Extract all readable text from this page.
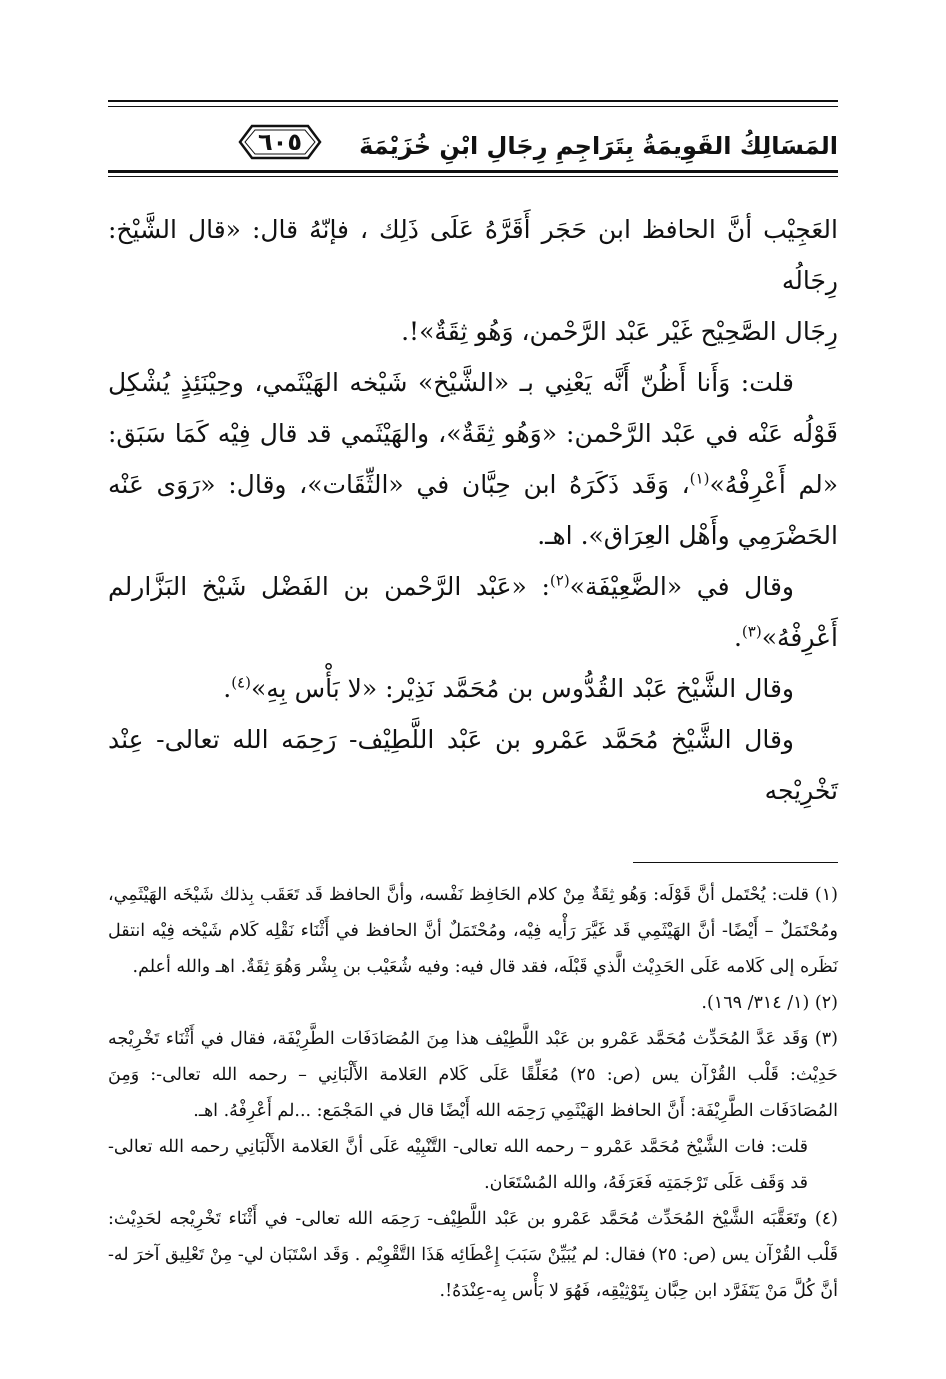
المَسَالِكُ القَوِيمَةُ بِتَرَاجِمِ رِجَالِ ابْنِ خُزَيْمَةَ
٦٠٥

العَجِيْب أنَّ الحافظ ابن حَجَر أَقَرَّهُ عَلَى ذَلِك ، فإنّهُ قال: «قال الشَّيْخ: رِجَالُه

رِجَال الصَّحِيْح غَيْر عَبْد الرَّحْمن، وَهُو ثِقَةٌ»!.

قلت: وَأَنا أَظُنّ أَنَّه يَعْنِي بـ «الشَّيْخ» شَيْخه الهَيْثَمي، وحِيْنَئِذٍ يُشْكِل قَوْلُه عَنْه في عَبْد الرَّحْمن: «وَهُو ثِقَةٌ»، والهَيْثَمي قد قال فِيْه كَمَا سَبَق: «لم أَعْرِفْهُ»$^{(١)}$، وَقَد ذَكَرَهُ ابن حِبَّان في «الثِّقَات»، وقال: «رَوَى عَنْه الحَضْرَمِي وأَهْل العِرَاق». اهـ.

وقال في «الضَّعِيْفَة»$^{(٢)}$: «عَبْد الرَّحْمن بن الفَضْل شَيْخ البَزَّارلم أَعْرِفْهُ»$^{(٣)}$.

وقال الشَّيْخ عَبْد القُدُّوس بن مُحَمَّد نَذِيْر: «لا بَأْس بِهِ»$^{(٤)}$.

وقال الشَّيْخ مُحَمَّد عَمْرو بن عَبْد اللَّطِيْف- رَحِمَه الله تعالى- عِنْد تَخْرِيْجه

(١) قلت: يُحْتَمل أنَّ قَوْلَه: وَهُو ثِقَةٌ مِنْ كلام الحَافِظ نَفْسه، وأنَّ الحافظ قَد تَعَقَب بِذلك شَيْخَه الهَيْثَمِي، ومُحْتَمَلٌ – أَيْضًا- أنَّ الهَيْثَمِي قَد غَيَّرَ رَأْيه فِيْه، ومُحْتَمَلٌ أنَّ الحافظ في أَثْنَاء نَقْلِه كَلام شَيْخه فِيْه انتقل نَظَره إلى كَلامه عَلَى الحَدِيْث الَّذي قَبْلَه، فقد قال فيه: وفيه شُعَيْب بن بِشْر وَهُوَ ثِقَةٌ. اهـ والله أعلم.

(٢) (١/ ٣١٤/ ١٦٩).

(٣) وَقَد عَدَّ المُحَدِّث مُحَمَّد عَمْرو بن عَبْد اللَّطِيْف هذا مِنَ المُصَادَفَات الطَّرِيْفَة، فقال في أَثْنَاء تَخْرِيْجه حَدِيْث: قَلْب القُرْآن يس (ص: ٢٥) مُعَلِّقًا عَلَى كَلام العَلامة الأَلْبَانِي – رحمه الله تعالى-: وَمِنَ المُصَادَفَات الطَّرِيْفَة: أَنَّ الحافظ الهَيْثَمِي رَحِمَه الله أَيْضًا قال في المَجْمَع: ...لم أَعْرِفْهُ. اهـ.

قلت: فات الشَّيْخ مُحَمَّد عَمْرو – رحمه الله تعالى- التَّنْبِيْه عَلَى أنَّ العَلامة الأَلْبَانِي رحمه الله تعالى- قد وَقَف عَلَى تَرْجَمَتِه فَعَرَفَهُ، والله المُسْتَعَان.

(٤) وتَعَقَّبَه الشَّيْخ المُحَدِّث مُحَمَّد عَمْرو بن عَبْد اللَّطِيْف- رَحِمَه الله تعالى- في أَثْنَاء تَخْرِيْجه لحَدِيْث: قَلْب القُرْآن يس (ص: ٢٥) فقال: لم يُبَيِّنْ سَبَبَ إِعْطَائِه هَذَا التَّقْوِيْم . وَقَد اسْتَبَان لي- مِنْ تَعْلِيق آخرَ له- أنَّ كُلَّ مَنْ يَتَفَرَّد ابن حِبَّان بِتَوْثِيْقِه، فَهُوَ لا بَأْس بِه-عِنْدَهُ!.
